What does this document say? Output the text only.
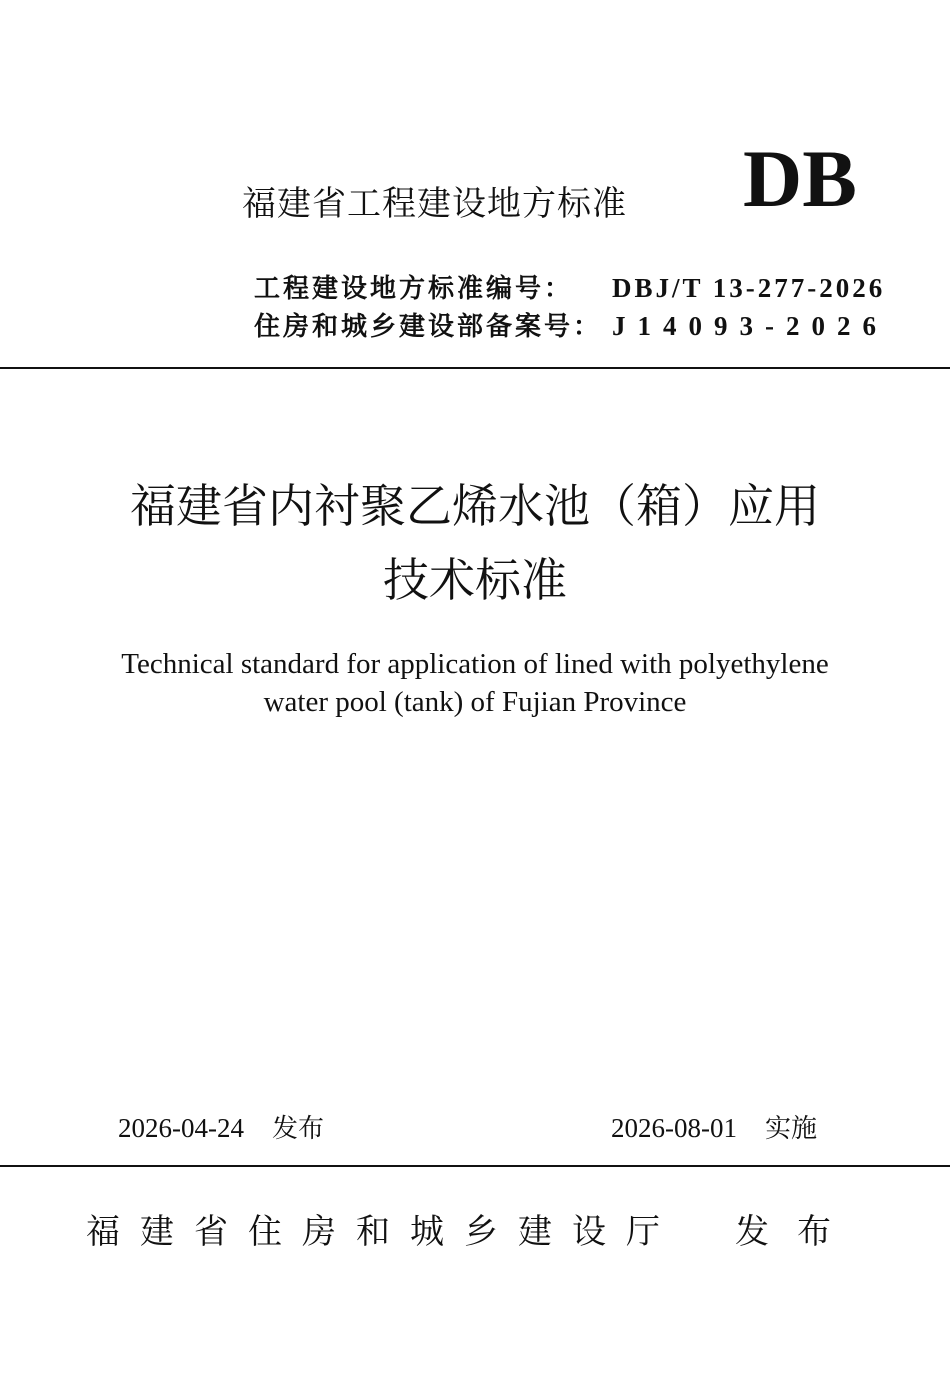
福建省工程建设地方标准 DB
工程建设地方标准编号：	DBJ/T 13-277-2026
住房和城乡建设部备案号： J14093-2026
福建省内衬聚乙烯水池（箱）应用
技术标准
Technical standard for application of lined with polyethylene
water pool (tank) of Fujian Province
2026-04-24 发布	2026-08-01 实施
福建省住房和城乡建设厅 发布
